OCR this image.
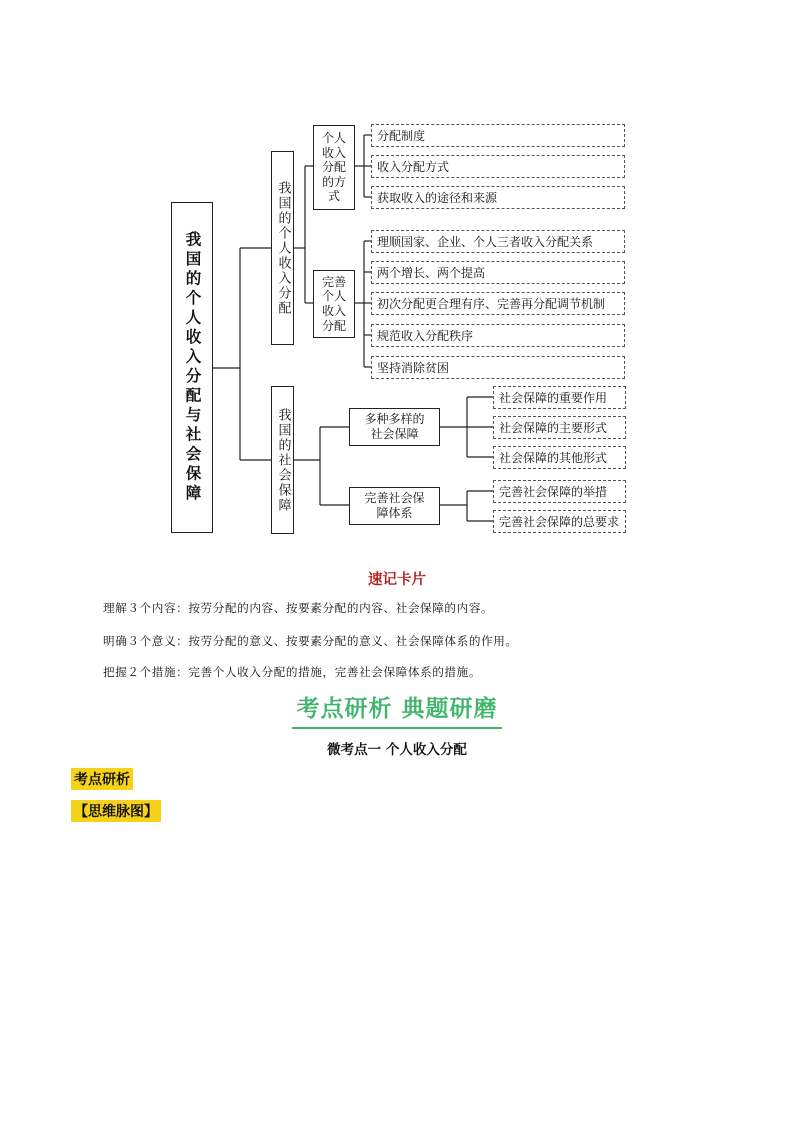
我国的个人收入分配与社会保障	我国的个人收入分配
我国的社会保障
个人收入分配的方式
完善个人收入分配
多种多样的社会保障
完善社会保障体系
分配制度
收入分配方式
获取收入的途径和来源
理顺国家、企业、个人三者收入分配关系
两个增长、两个提高
初次分配更合理有序、完善再分配调节机制
规范收入分配秩序
坚持消除贫困
社会保障的重要作用
社会保障的主要形式
社会保障的其他形式
完善社会保障的举措
完善社会保障的总要求
速记卡片
理解３个内容：按劳分配的内容、按要素分配的内容、社会保障的内容。
明确３个意义：按劳分配的意义、按要素分配的意义、社会保障体系的作用。
把握２个措施：完善个人收入分配的措施，完善社会保障体系的措施。
考点研析 典题研磨
微考点一 个人收入分配
考点研析
【思维脉图】
